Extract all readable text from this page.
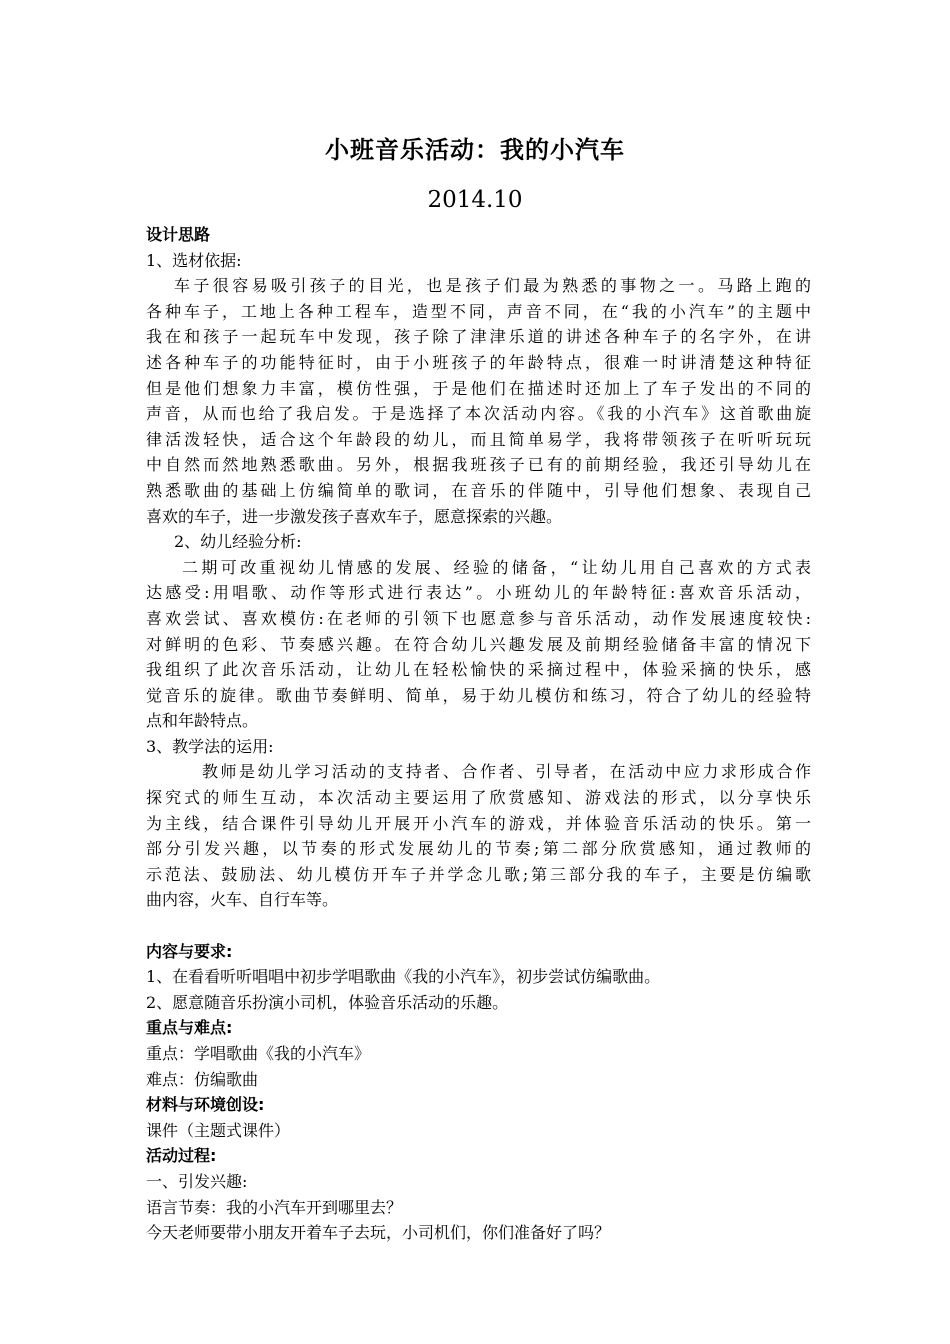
小班音乐活动：我的小汽车
2014.10
设计思路
1、选材依据:
车子很容易吸引孩子的目光，也是孩子们最为熟悉的事物之一。马路上跑的
各种车子，工地上各种工程车，造型不同，声音不同，在“我的小汽车”的主题中
我在和孩子一起玩车中发现，孩子除了津津乐道的讲述各种车子的名字外，在讲
述各种车子的功能特征时，由于小班孩子的年龄特点，很难一时讲清楚这种特征
但是他们想象力丰富，模仿性强，于是他们在描述时还加上了车子发出的不同的
声音，从而也给了我启发。于是选择了本次活动内容。《我的小汽车》这首歌曲旋
律活泼轻快，适合这个年龄段的幼儿，而且简单易学，我将带领孩子在听听玩玩
中自然而然地熟悉歌曲。另外，根据我班孩子已有的前期经验，我还引导幼儿在
熟悉歌曲的基础上仿编简单的歌词，在音乐的伴随中，引导他们想象、表现自己
喜欢的车子，进一步激发孩子喜欢车子，愿意探索的兴趣。
2、幼儿经验分析:
二期可改重视幼儿情感的发展、经验的储备，“让幼儿用自己喜欢的方式表
达感受:用唱歌、动作等形式进行表达”。小班幼儿的年龄特征:喜欢音乐活动，
喜欢尝试、喜欢模仿:在老师的引领下也愿意参与音乐活动，动作发展速度较快:
对鲜明的色彩、节奏感兴趣。在符合幼儿兴趣发展及前期经验储备丰富的情况下
我组织了此次音乐活动，让幼儿在轻松愉快的采摘过程中，体验采摘的快乐，感
觉音乐的旋律。歌曲节奏鲜明、简单，易于幼儿模仿和练习，符合了幼儿的经验特
点和年龄特点。
3、教学法的运用:
教师是幼儿学习活动的支持者、合作者、引导者，在活动中应力求形成合作
探究式的师生互动，本次活动主要运用了欣赏感知、游戏法的形式，以分享快乐
为主线，结合课件引导幼儿开展开小汽车的游戏，并体验音乐活动的快乐。第一
部分引发兴趣，以节奏的形式发展幼儿的节奏;第二部分欣赏感知，通过教师的
示范法、鼓励法、幼儿模仿开车子并学念儿歌;第三部分我的车子，主要是仿编歌
曲内容，火车、自行车等。
内容与要求:
1、在看看听听唱唱中初步学唱歌曲《我的小汽车》，初步尝试仿编歌曲。
2、愿意随音乐扮演小司机，体验音乐活动的乐趣。
重点与难点:
重点：学唱歌曲《我的小汽车》
难点：仿编歌曲
材料与环境创设:
课件（主题式课件）
活动过程:
一、引发兴趣:
语言节奏：我的小汽车开到哪里去？
今天老师要带小朋友开着车子去玩，小司机们，你们准备好了吗？
